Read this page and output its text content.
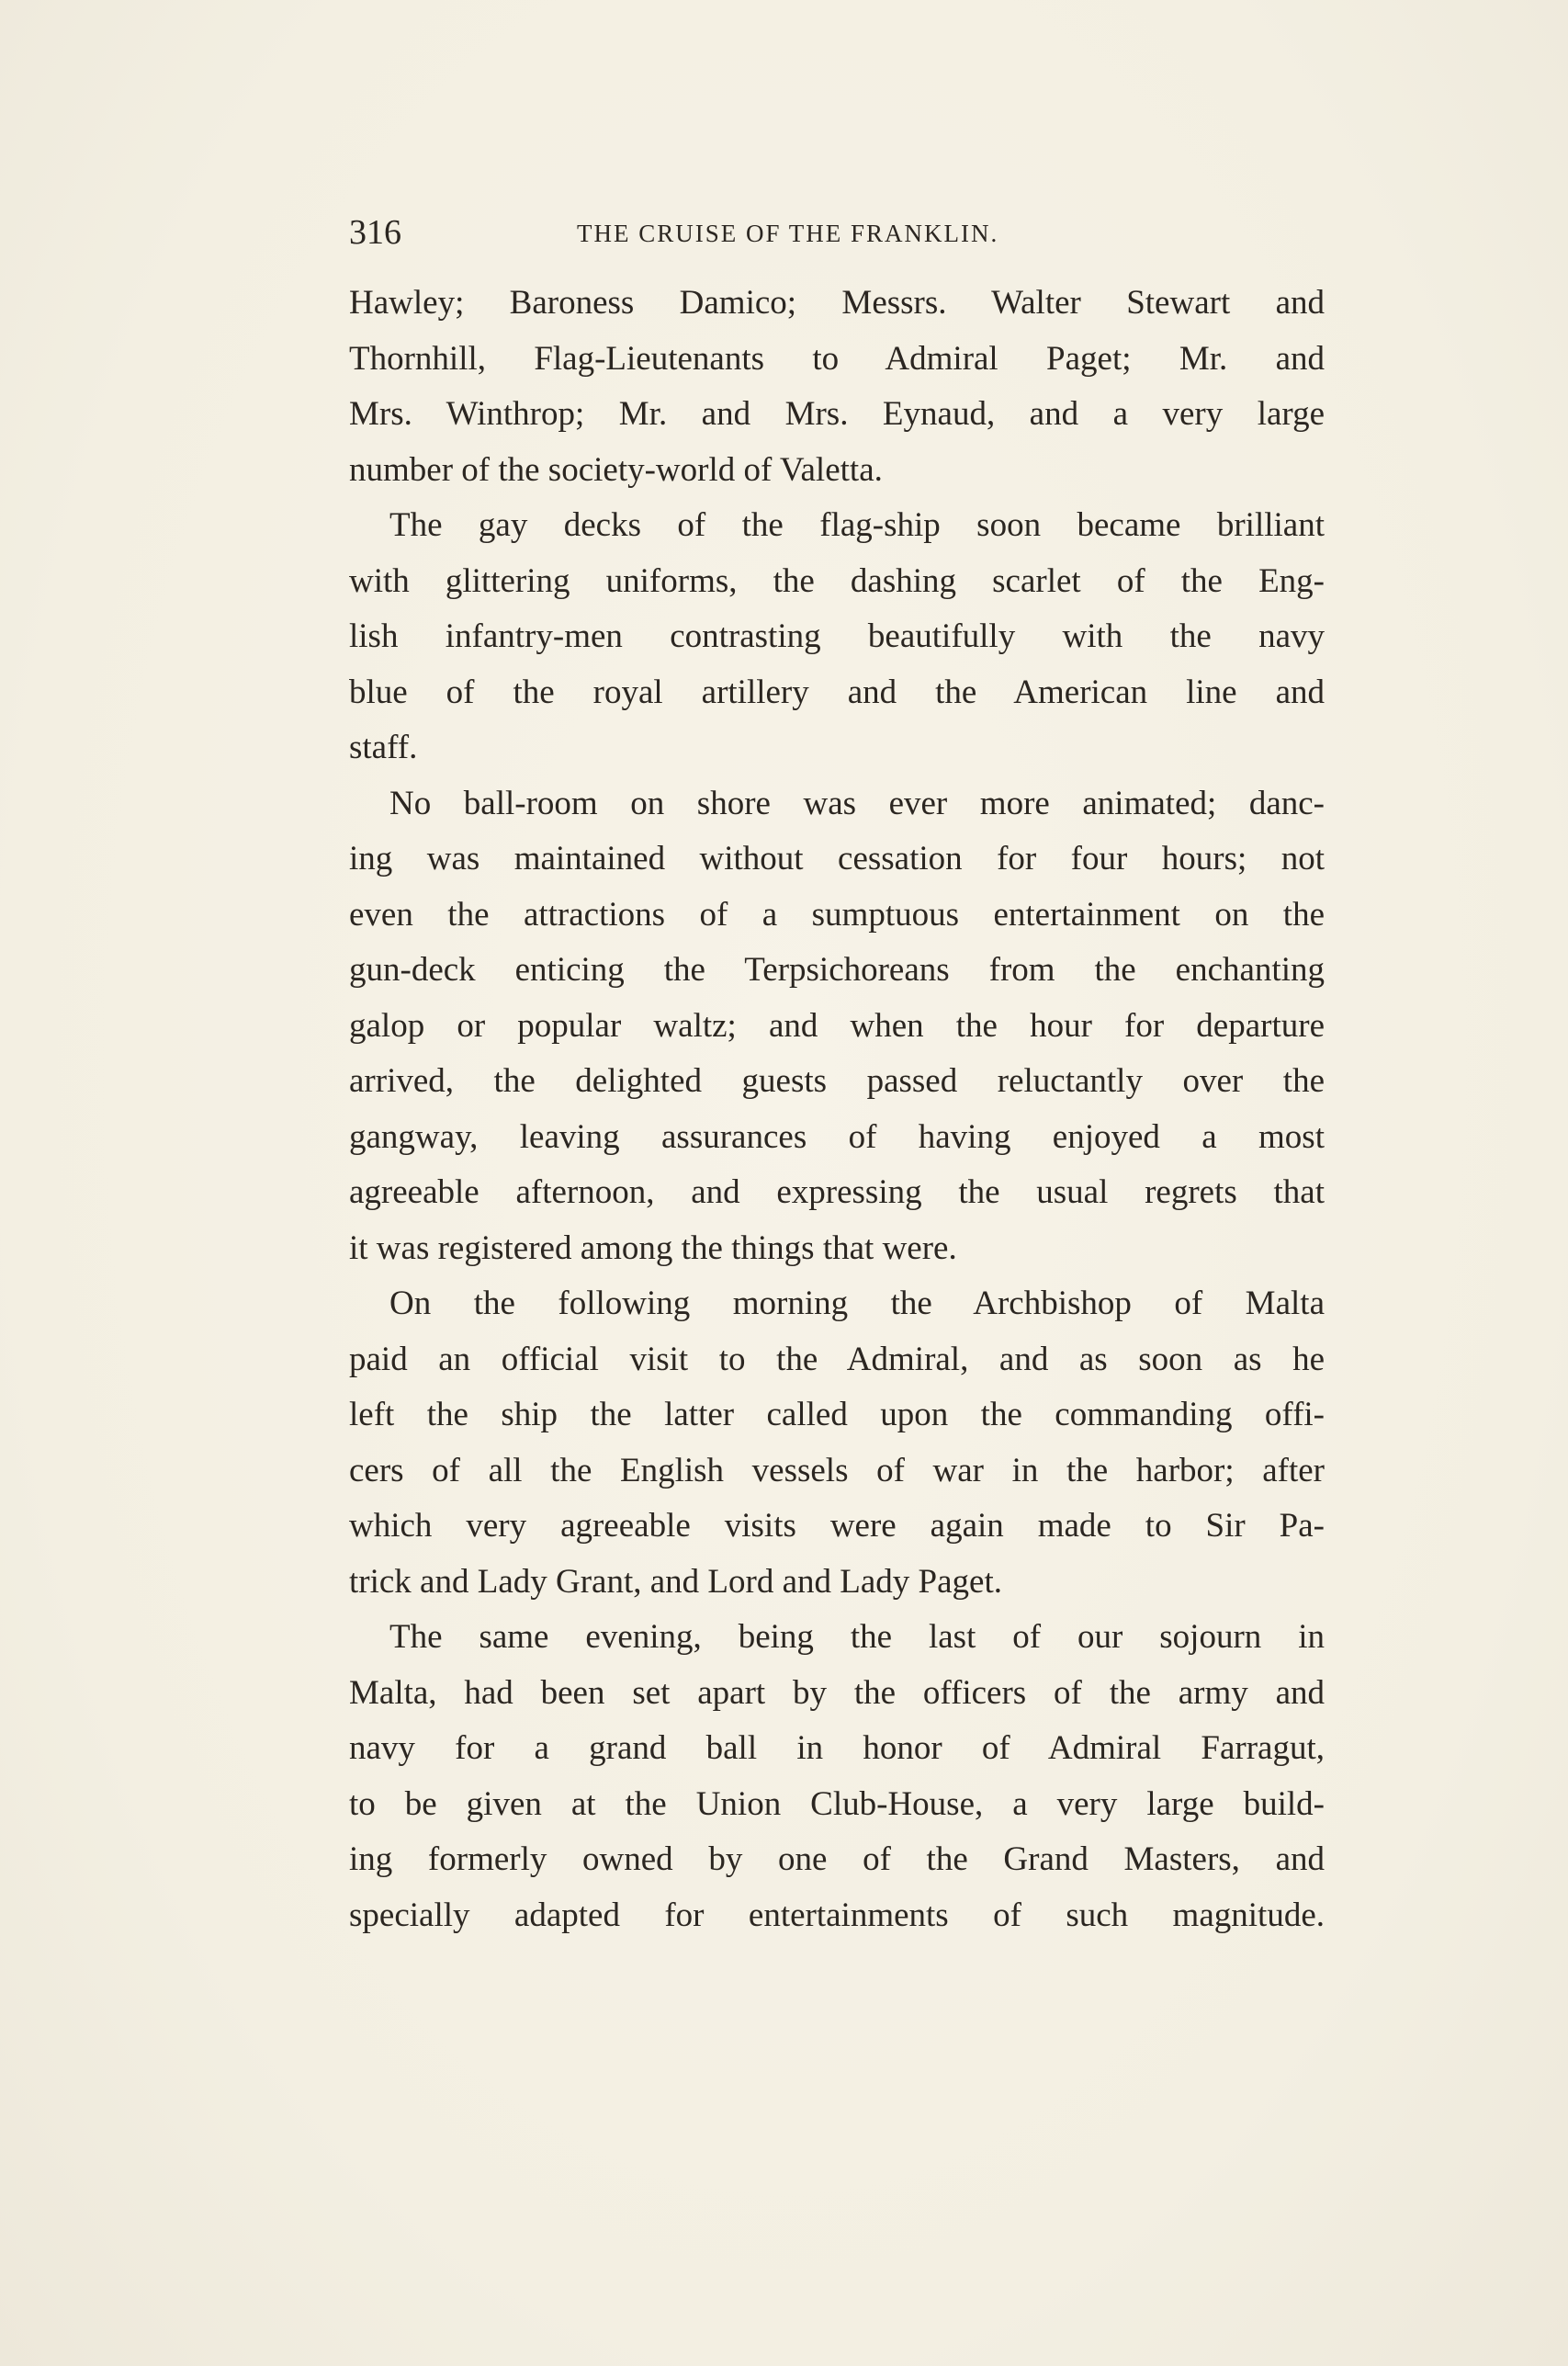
316	THE CRUISE OF THE FRANKLIN.
Hawley; Baroness Damico; Messrs. Walter Stewart and
Thornhill, Flag-Lieutenants to Admiral Paget; Mr. and
Mrs. Winthrop; Mr. and Mrs. Eynaud, and a very large
number of the society-world of Valetta.
The gay decks of the flag-ship soon became brilliant
with glittering uniforms, the dashing scarlet of the Eng-
lish infantry-men contrasting beautifully with the navy
blue of the royal artillery and the American line and
staff.
No ball-room on shore was ever more animated; danc-
ing was maintained without cessation for four hours; not
even the attractions of a sumptuous entertainment on the
gun-deck enticing the Terpsichoreans from the enchanting
galop or popular waltz; and when the hour for departure
arrived, the delighted guests passed reluctantly over the
gangway, leaving assurances of having enjoyed a most
agreeable afternoon, and expressing the usual regrets that
it was registered among the things that were.
On the following morning the Archbishop of Malta
paid an official visit to the Admiral, and as soon as he
left the ship the latter called upon the commanding offi-
cers of all the English vessels of war in the harbor; after
which very agreeable visits were again made to Sir Pa-
trick and Lady Grant, and Lord and Lady Paget.
The same evening, being the last of our sojourn in
Malta, had been set apart by the officers of the army and
navy for a grand ball in honor of Admiral Farragut,
to be given at the Union Club-House, a very large build-
ing formerly owned by one of the Grand Masters, and
specially adapted for entertainments of such magnitude.
